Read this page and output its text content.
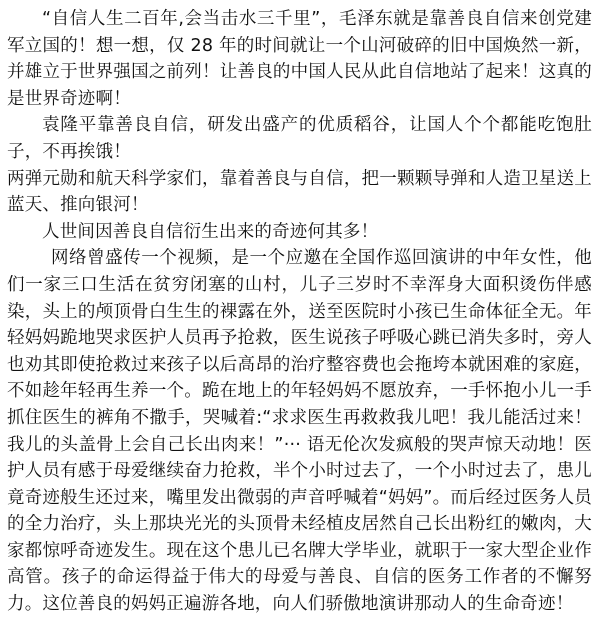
“自信人生二百年,会当击水三千里”，毛泽东就是靠善良自信来创党建军立国的！想一想，仅 28 年的时间就让一个山河破碎的旧中国焕然一新，并雄立于世界强国之前列！让善良的中国人民从此自信地站了起来！这真的是世界奇迹啊！

袁隆平靠善良自信，研发出盛产的优质稻谷，让国人个个都能吃饱肚子，不再挨饿！

两弹元勋和航天科学家们，靠着善良与自信，把一颗颗导弹和人造卫星送上蓝天、推向银河！

人世间因善良自信衍生出来的奇迹何其多！

网络曾盛传一个视频，是一个应邀在全国作巡回演讲的中年女性，他们一家三口生活在贫穷闭塞的山村，儿子三岁时不幸浑身大面积烫伤伴感染，头上的颅顶骨白生生的裸露在外，送至医院时小孩已生命体征全无。年轻妈妈跪地哭求医护人员再予抢救，医生说孩子呼吸心跳已消失多时，旁人也劝其即使抢救过来孩子以后高昂的治疗整容费也会拖垮本就困难的家庭，不如趁年轻再生养一个。跪在地上的年轻妈妈不愿放弃，一手怀抱小儿一手抓住医生的裤角不撒手，哭喊着:“求求医生再救救我儿吧！我儿能活过来！我儿的头盖骨上会自己长出肉来！”··· 语无伦次发疯般的哭声惊天动地！医护人员有感于母爱继续奋力抢救，半个小时过去了，一个小时过去了，患儿竟奇迹般生还过来，嘴里发出微弱的声音呼喊着“妈妈”。而后经过医务人员的全力治疗，头上那块光光的头顶骨未经植皮居然自己长出粉红的嫩肉，大家都惊呼奇迹发生。现在这个患儿已名牌大学毕业，就职于一家大型企业作高管。孩子的命运得益于伟大的母爱与善良、自信的医务工作者的不懈努力。这位善良的妈妈正遍游各地，向人们骄傲地演讲那动人的生命奇迹！
